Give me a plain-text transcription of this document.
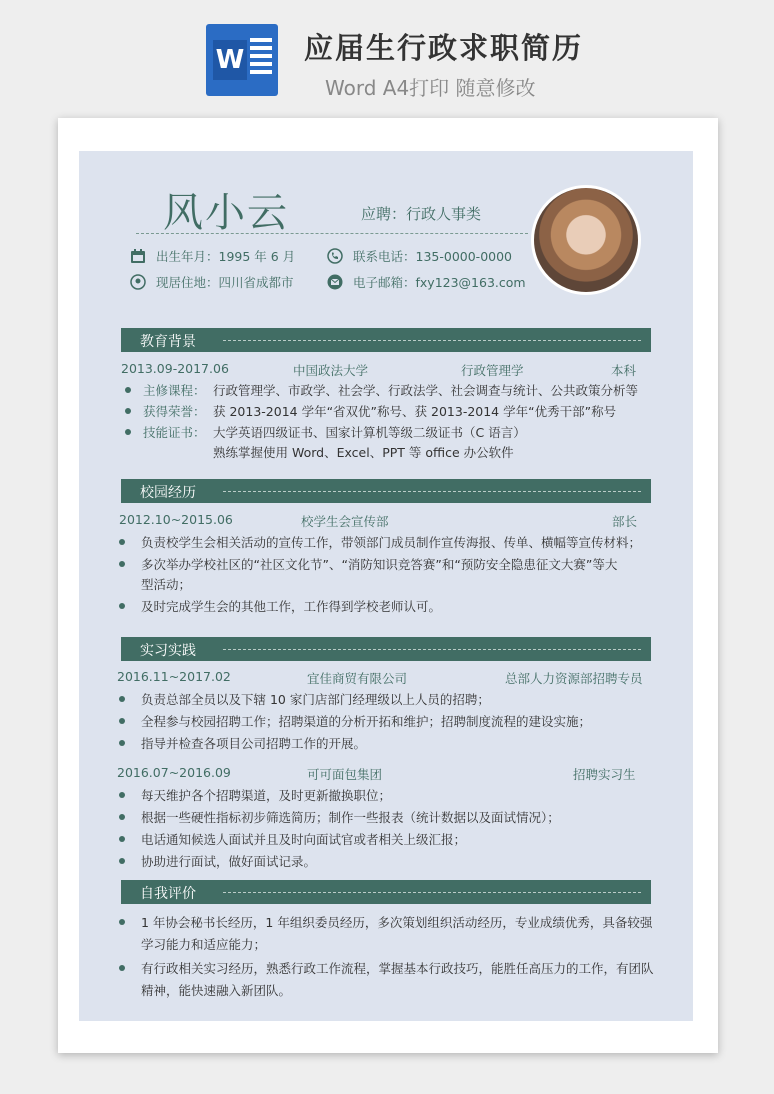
W 应届生行政求职简历
Word A4打印 随意修改
风小云	应聘：行政人事类
出生年月：1995 年 6 月	联系电话：135-0000-0000
现居住地：四川省成都市	电子邮箱：fxy123@163.com
教育背景
2013.09-2017.06	中国政法大学	行政管理学	本科
主修课程： 行政管理学、市政学、社会学、行政法学、社会调查与统计、公共政策分析等
获得荣誉： 获 2013-2014 学年“省双优”称号、获 2013-2014 学年“优秀干部”称号
技能证书： 大学英语四级证书、国家计算机等级二级证书（C 语言）
熟练掌握使用 Word、Excel、PPT 等 office 办公软件
校园经历
2012.10~2015.06	校学生会宣传部	部长
负责校学生会相关活动的宣传工作，带领部门成员制作宣传海报、传单、横幅等宣传材料；
多次举办学校社区的“社区文化节”、“消防知识竞答赛”和“预防安全隐患征文大赛”等大
型活动；
及时完成学生会的其他工作，工作得到学校老师认可。
实习实践
2016.11~2017.02	宜佳商贸有限公司	总部人力资源部招聘专员
负责总部全员以及下辖 10 家门店部门经理级以上人员的招聘；
全程参与校园招聘工作；招聘渠道的分析开拓和维护；招聘制度流程的建设实施；
指导并检查各项目公司招聘工作的开展。
2016.07~2016.09	可可面包集团	招聘实习生
每天维护各个招聘渠道，及时更新撤换职位；
根据一些硬性指标初步筛选简历；制作一些报表（统计数据以及面试情况）；
电话通知候选人面试并且及时向面试官或者相关上级汇报；
协助进行面试，做好面试记录。
自我评价
1 年协会秘书长经历，1 年组织委员经历，多次策划组织活动经历，专业成绩优秀，具备较强
学习能力和适应能力；
有行政相关实习经历，熟悉行政工作流程，掌握基本行政技巧，能胜任高压力的工作，有团队
精神，能快速融入新团队。
